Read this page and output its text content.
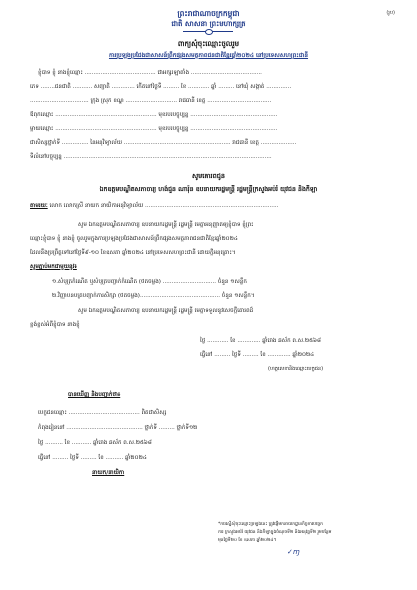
ព្រះរាជាណាចក្រកម្ពុជា	(រូប)
ជាតិ សាសនា ព្រះមហាក្សត្រ
ពាក្យសុំចុះឈ្មោះចូលរួម
ការប្រឡងប្រជែងជាសាសន៍ព្រឹកផ្សងសមត្ថភាពជនជាតិខ្មែរឆ្នាំ២០២៤ នៅប្រទេសសហព្រះជានី
ខ្ញុំបាទ ខ្ញុំ នាងខ្ញុំឈ្មោះ ........................................ ជាអក្សរឡាតាំង ........................................
ភេទ ........ជនជាតិ ........... សញ្ជាតិ ............. កើតនៅថ្ងៃទី ......... ខែ ............ ឆ្នាំ ......... នៅឃុំ សង្កាត់ ..............
................................. ក្រុង ស្រុក ខណ្ឌ ............................. រាជធានី ខេត្ត ....................................
ឪពុកឈ្មោះ ......................................................... មុខរបរបច្ចុប្បន្ន .................................................
ម្ដាយឈ្មោះ ......................................................... មុខរបរបច្ចុប្បន្ន .................................................
ជាសិស្សថ្នាក់ទី ............... នៃអនុវិទ្យាល័យ ............................................................ រាជធានី ខេត្ត ....................
ទីលំនៅបច្ចុប្បន្ន .....................................................................................................................
សូមគោរពជូន
ឯកឧត្តមបណ្ឌិតសភាចារ្យ ហង់ជួន ណារ៉ុន ឧបនាយករដ្ឋមន្ត្រី រដ្ឋមន្ត្រីក្រសួងអប់រំ យុវជន និងកីឡា
តាមរយៈ លោក លោកស្រី នាយក នាយិកាអនុវិទ្យាល័យ ...........................................................................
សូម ឯកឧត្តមបណ្ឌិតសភាចារ្យ ឧបនាយករដ្ឋមន្ត្រី រដ្ឋមន្ត្រី មេត្តាអនុញ្ញាតឲ្យខ្ញុំបាទ ខ្ញុំព្រះ
ឈ្មោះខ្ញុំបាទ ខ្ញុំ នាងខ្ញុំ ចូលរួមក្នុងការប្រឡងប្រជែងជាសាសន៍ព្រឹកផ្សងសមត្ថភាពជនជាតិខ្មែរឆ្នាំ២០២៤
ដែលនឹងប្រព្រឹត្តទៅនៅថ្ងៃទី៩-១០ ខែឧសភា ឆ្នាំ២០២៤ នៅប្រទេសសហព្រះជានី ដោយក្ដីអនុគ្រោះ។
សូមភ្ជាប់មកជាមួយនូវ៖
១.សំបុត្រកំណើត ឬសំបុត្របញ្ជាក់កំណើត (ថតចម្លង) .............................. ចំនួន ១សន្លឹក
២.វិញ្ញាបនបត្របញ្ជាក់ការសិក្សា (ថតចម្លង)............................................. ចំនួន ១សន្លឹក។
សូម ឯកឧត្តមបណ្ឌិតសភាចារ្យ ឧបនាយករដ្ឋមន្ត្រី រដ្ឋមន្ត្រី មេត្តាទទួលនូវសេចក្ដីគោរពដ៏
ខ្ពង់ខ្ពស់អំពីខ្ញុំបាទ នាងខ្ញុំ
ថ្ងៃ ............ ខែ ............. ឆ្នាំរោង ឆស័ក ព.ស.២៥៦៨
ធ្វើនៅ ......... ថ្ងៃទី ......... ខែ ............. ឆ្នាំ២០២៤
(ហត្ថលេខានិងឈ្មោះបេក្ខជន)
បានឃើញ និងបញ្ជាក់ថា៖
បេក្ខជនឈ្មោះ ........................................ ពិតជាសិស្ស
កំពុងរៀននៅ ........................................... ថ្នាក់ទី ......... ថ្នាក់ទី១២
ថ្ងៃ .......... ខែ ........... ឆ្នាំរោង ឆស័ក ព.ស.២៥៦៨
ធ្វើនៅ ......... ថ្ងៃទី ......... ខែ .......... ឆ្នាំ២០២៤
នាយក/នាយិកា
*ការស្នើសុំចុះឈ្មោះប្រឡងនេះ ត្រូវផ្ញើមកនាយកដ្ឋានកិច្ចការបច្ចេក
ការ ក្រសួងអប់រំ យុវជន និងកីឡាក្នុងចំណុចទី២ និងអនុវត្តទី២ រួមបន្ថែម
មុនថ្ងៃទី២០ ខែ ឧសភា ឆ្នាំ២០២៤។
✓ɱ
